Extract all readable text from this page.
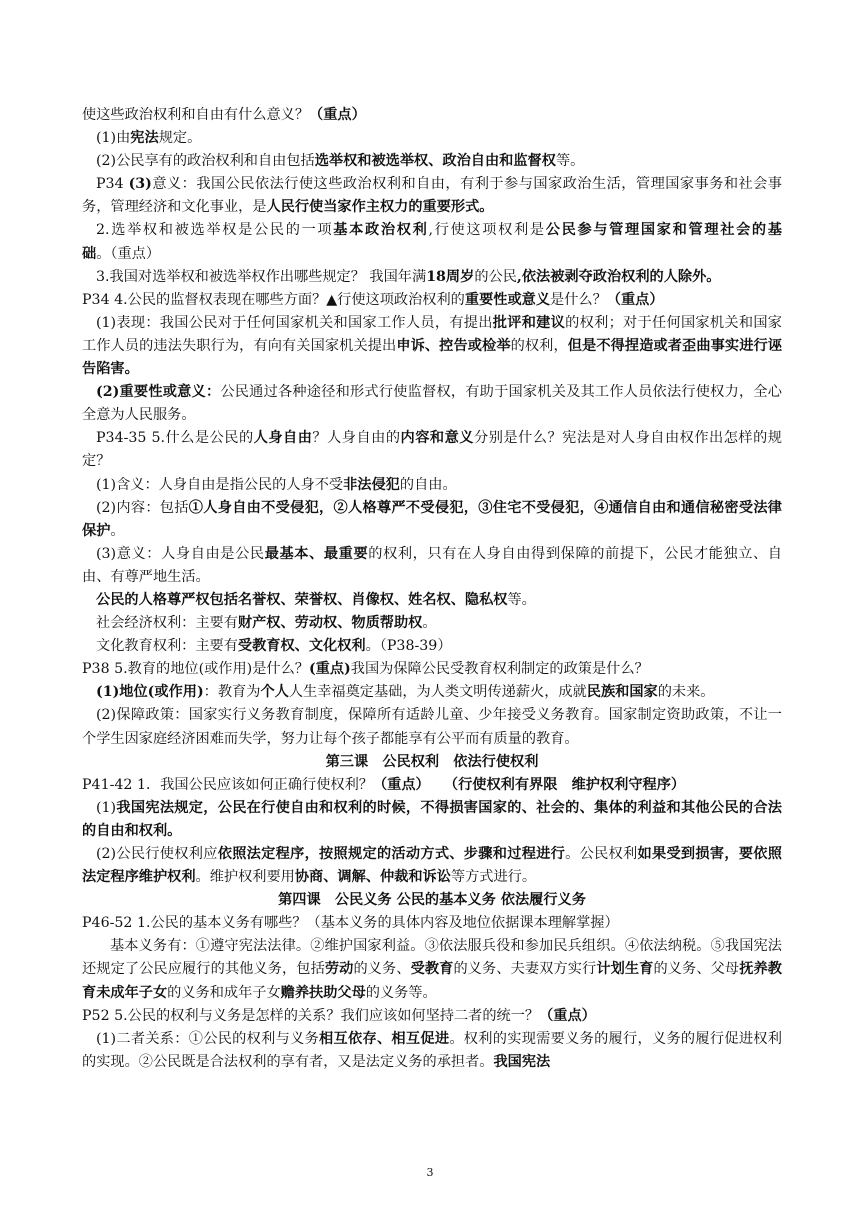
使这些政治权利和自由有什么意义？（重点）

(1)由宪法规定。

(2)公民享有的政治权利和自由包括选举权和被选举权、政治自由和监督权等。

P34 (3)意义：我国公民依法行使这些政治权利和自由，有利于参与国家政治生活，管理国家事务和社会事务，管理经济和文化事业，是人民行使当家作主权力的重要形式。

2.选举权和被选举权是公民的一项基本政治权利,行使这项权利是公民参与管理国家和管理社会的基础。（重点）

3.我国对选举权和被选举权作出哪些规定？ 我国年满18周岁的公民,依法被剥夺政治权利的人除外。

P34 4.公民的监督权表现在哪些方面？▲行使这项政治权利的重要性或意义是什么？（重点）

(1)表现：我国公民对于任何国家机关和国家工作人员，有提出批评和建议的权利；对于任何国家机关和国家工作人员的违法失职行为，有向有关国家机关提出申诉、控告或检举的权利，但是不得捏造或者歪曲事实进行诬告陷害。

(2)重要性或意义：公民通过各种途径和形式行使监督权，有助于国家机关及其工作人员依法行使权力，全心全意为人民服务。

P34-35 5.什么是公民的人身自由？人身自由的内容和意义分别是什么？宪法是对人身自由权作出怎样的规定？

(1)含义：人身自由是指公民的人身不受非法侵犯的自由。

(2)内容：包括①人身自由不受侵犯，②人格尊严不受侵犯，③住宅不受侵犯，④通信自由和通信秘密受法律保护。

(3)意义：人身自由是公民最基本、最重要的权利，只有在人身自由得到保障的前提下，公民才能独立、自由、有尊严地生活。

公民的人格尊严权包括名誉权、荣誉权、肖像权、姓名权、隐私权等。

社会经济权利：主要有财产权、劳动权、物质帮助权。

文化教育权利：主要有受教育权、文化权利。（P38-39）

P38 5.教育的地位(或作用)是什么？(重点)我国为保障公民受教育权利制定的政策是什么？

(1)地位(或作用)：教育为个人人生幸福奠定基础，为人类文明传递薪火，成就民族和国家的未来。

(2)保障政策：国家实行义务教育制度，保障所有适龄儿童、少年接受义务教育。国家制定资助政策，不让一个学生因家庭经济困难而失学，努力让每个孩子都能享有公平而有质量的教育。

第三课　公民权利　依法行使权利

P41-42 1．我国公民应该如何正确行使权利？（重点）　　 （行使权利有界限　维护权利守程序）

(1)我国宪法规定，公民在行使自由和权利的时候，不得损害国家的、社会的、集体的利益和其他公民的合法的自由和权利。

(2)公民行使权利应依照法定程序，按照规定的活动方式、步骤和过程进行。公民权利如果受到损害，要依照法定程序维护权利。维护权利要用协商、调解、仲裁和诉讼等方式进行。

第四课　公民义务 公民的基本义务 依法履行义务

P46-52 1.公民的基本义务有哪些？（基本义务的具体内容及地位依据课本理解掌握）

基本义务有：①遵守宪法法律。②维护国家利益。③依法服兵役和参加民兵组织。④依法纳税。⑤我国宪法还规定了公民应履行的其他义务，包括劳动的义务、受教育的义务、夫妻双方实行计划生育的义务、父母抚养教育未成年子女的义务和成年子女赡养扶助父母的义务等。

P52 5.公民的权利与义务是怎样的关系？我们应该如何坚持二者的统一？（重点）

(1)二者关系：①公民的权利与义务相互依存、相互促进。权利的实现需要义务的履行，义务的履行促进权利的实现。②公民既是合法权利的享有者，又是法定义务的承担者。我国宪法

3
